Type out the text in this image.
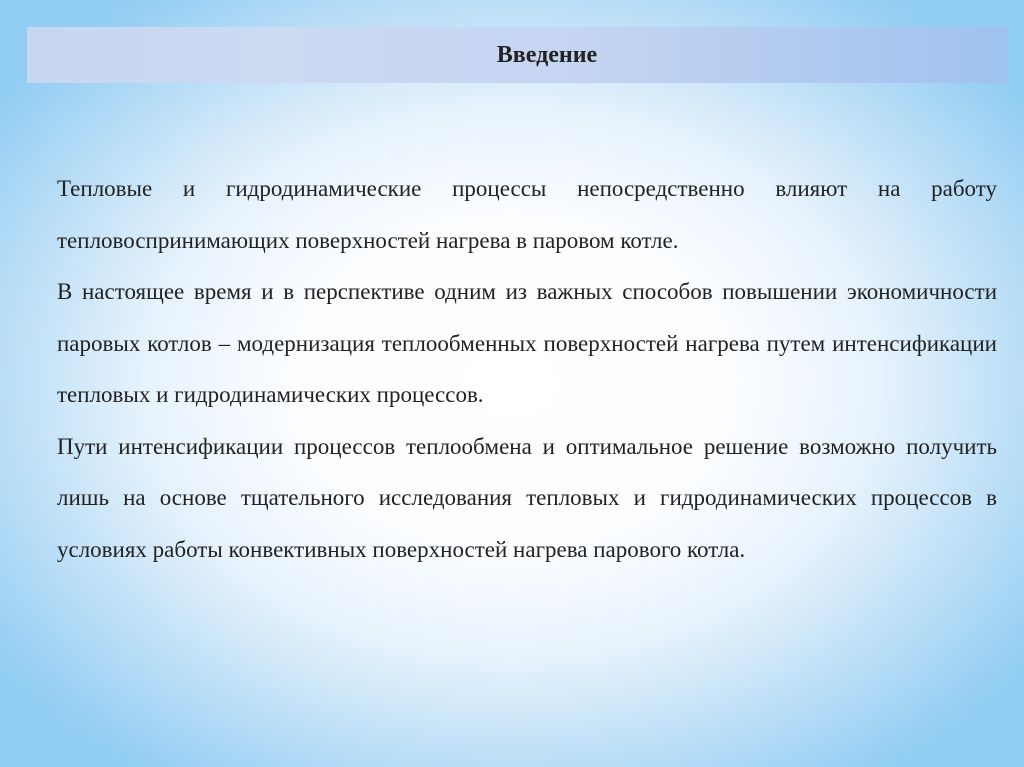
Введение

Тепловые и гидродинамические процессы непосредственно влияют на работу тепловоспринимающих поверхностей нагрева в паровом котле.

В настоящее время и в перспективе одним из важных способов повышении экономичности паровых котлов – модернизация теплообменных поверхностей нагрева путем интенсификации тепловых и гидродинамических процессов.

Пути интенсификации процессов теплообмена и оптимальное решение возможно получить лишь на основе тщательного исследования тепловых и гидродинамических процессов в условиях работы конвективных поверхностей нагрева парового котла.
